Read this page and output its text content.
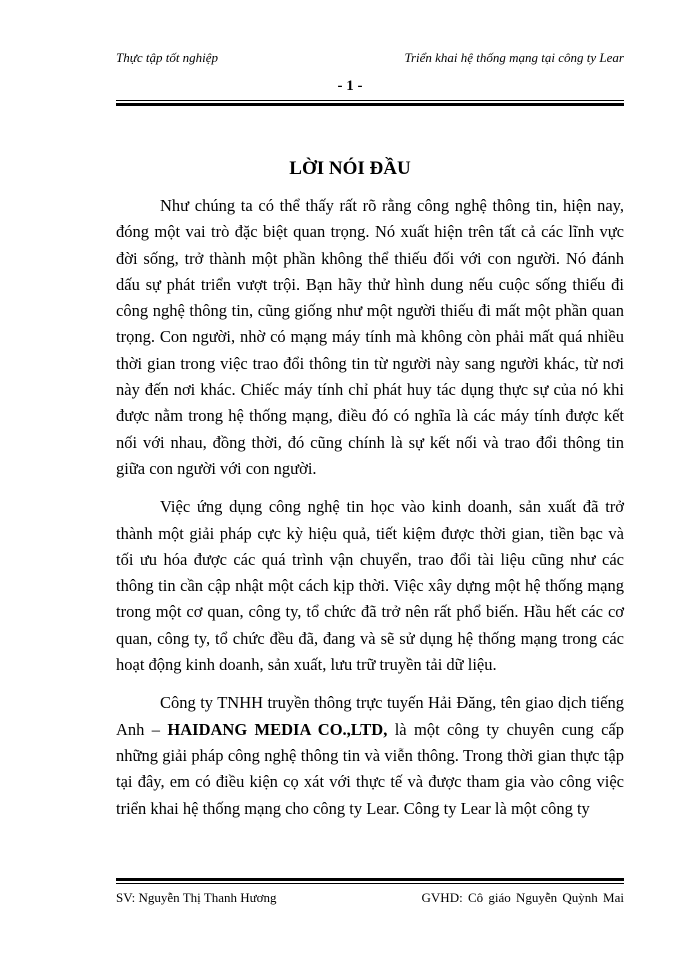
Thực tập tốt nghiệp	Triển khai hệ thống mạng tại công ty Lear
- 1 -
LỜI NÓI ĐẦU

Như chúng ta có thể thấy rất rõ rằng công nghệ thông tin, hiện nay, đóng một vai trò đặc biệt quan trọng. Nó xuất hiện trên tất cả các lĩnh vực đời sống, trở thành một phần không thể thiếu đối với con người. Nó đánh dấu sự phát triển vượt trội. Bạn hãy thử hình dung nếu cuộc sống thiếu đi công nghệ thông tin, cũng giống như một người thiếu đi mất một phần quan trọng. Con người, nhờ có mạng máy tính mà không còn phải mất quá nhiều thời gian trong việc trao đổi thông tin từ người này sang người khác, từ nơi này đến nơi khác. Chiếc máy tính chỉ phát huy tác dụng thực sự của nó khi được nằm trong hệ thống mạng, điều đó có nghĩa là các máy tính được kết nối với nhau, đồng thời, đó cũng chính là sự kết nối và trao đổi thông tin giữa con người với con người.

Việc ứng dụng công nghệ tin học vào kinh doanh, sản xuất đã trở thành một giải pháp cực kỳ hiệu quả, tiết kiệm được thời gian, tiền bạc và tối ưu hóa được các quá trình vận chuyển, trao đổi tài liệu cũng như các thông tin cần cập nhật một cách kịp thời. Việc xây dựng một hệ thống mạng trong một cơ quan, công ty, tổ chức đã trở nên rất phổ biến. Hầu hết các cơ quan, công ty, tổ chức đều đã, đang và sẽ sử dụng hệ thống mạng trong các hoạt động kinh doanh, sản xuất, lưu trữ truyền tải dữ liệu.

Công ty TNHH truyền thông trực tuyến Hải Đăng, tên giao dịch tiếng Anh – HAIDANG MEDIA CO.,LTD, là một công ty chuyên cung cấp những giải pháp công nghệ thông tin và viễn thông. Trong thời gian thực tập tại đây, em có điều kiện cọ xát với thực tế và được tham gia vào công việc triển khai hệ thống mạng cho công ty Lear. Công ty Lear là một công ty

SV: Nguyễn Thị Thanh Hương	GVHD: Cô giáo Nguyễn Quỳnh Mai
